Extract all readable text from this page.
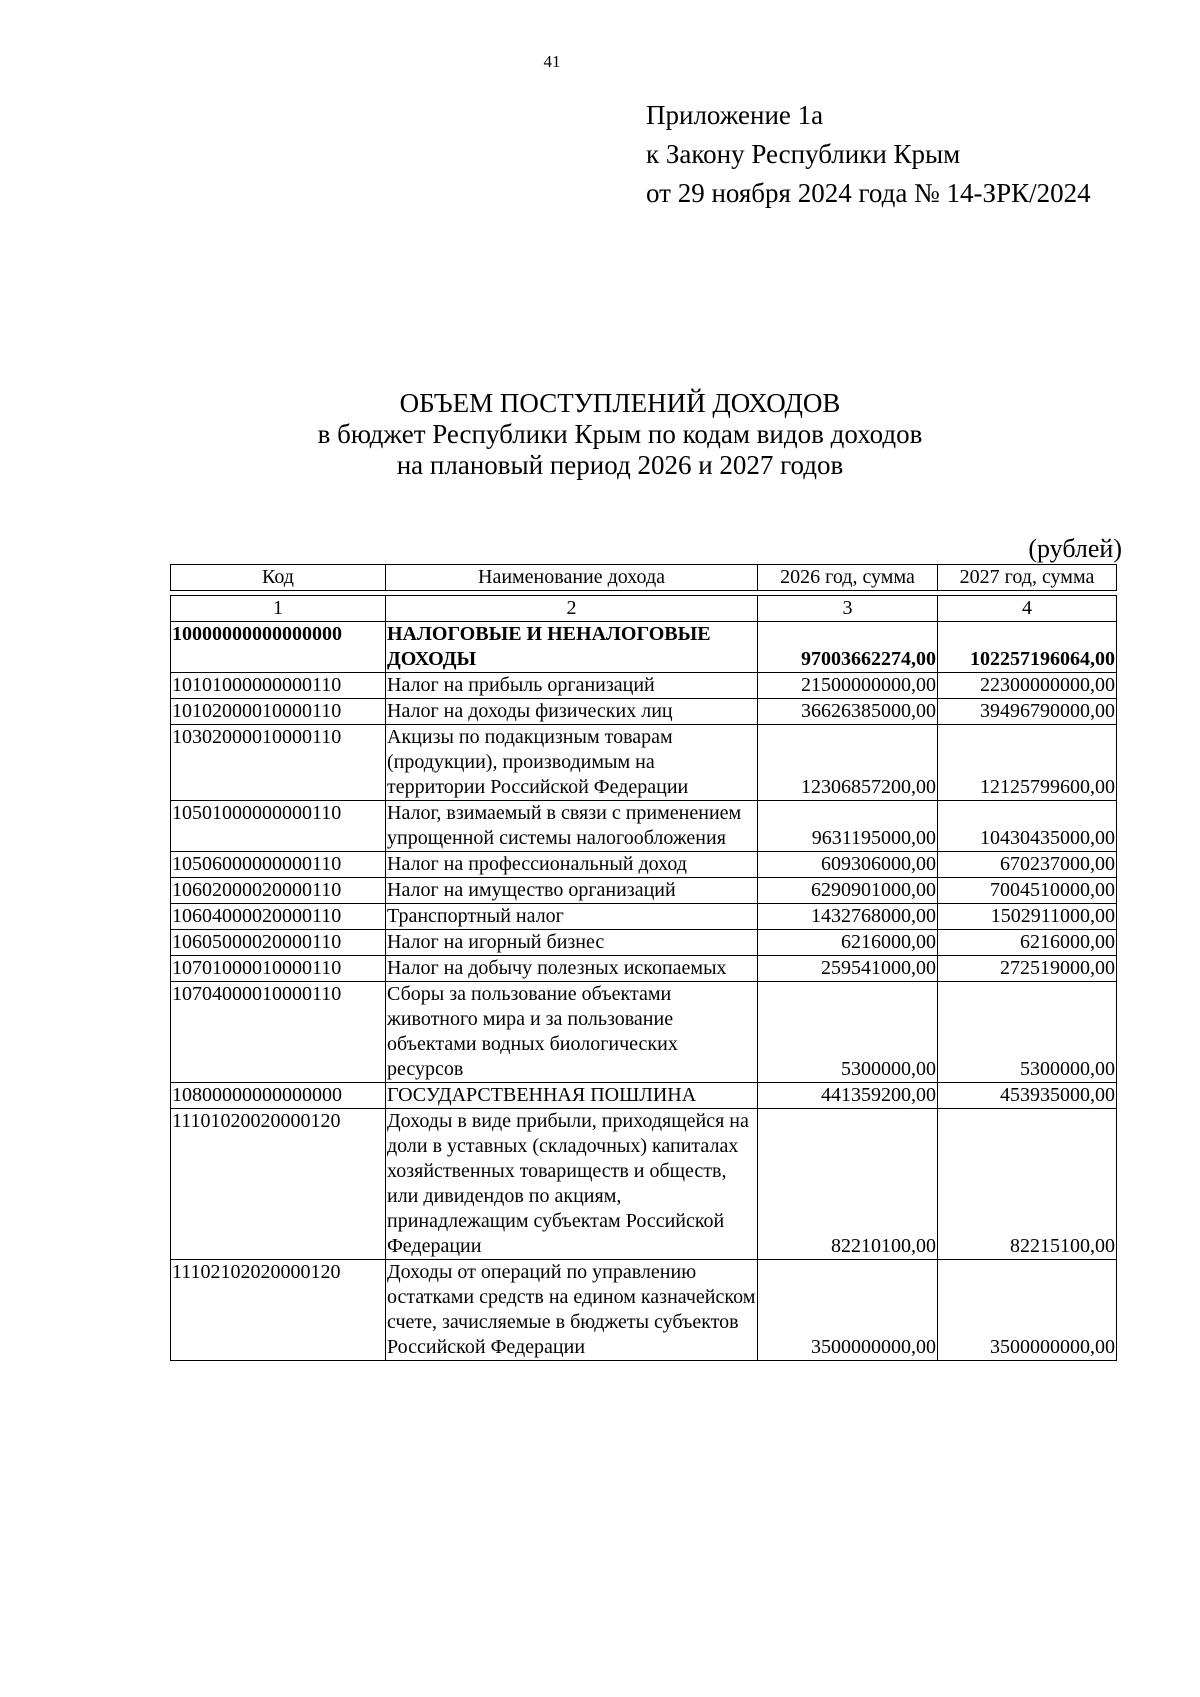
41
Приложение 1а
к Закону Республики Крым
от 29 ноября 2024 года № 14-ЗРК/2024
ОБЪЕМ ПОСТУПЛЕНИЙ ДОХОДОВ
в бюджет Республики Крым по кодам видов доходов
на плановый период 2026 и 2027 годов
(рублей)
Код	Наименование дохода	2026 год, сумма	2027 год, сумма

1	2	3	4
10000000000000000	НАЛОГОВЫЕ И НЕНАЛОГОВЫЕ ДОХОДЫ	97003662274,00	102257196064,00
10101000000000110	Налог на прибыль организаций	21500000000,00	22300000000,00
10102000010000110	Налог на доходы физических лиц	36626385000,00	39496790000,00
10302000010000110	Акцизы по подакцизным товарам (продукции), производимым на территории Российской Федерации	12306857200,00	12125799600,00
10501000000000110	Налог, взимаемый в связи с применением упрощенной системы налогообложения	9631195000,00	10430435000,00
10506000000000110	Налог на профессиональный доход	609306000,00	670237000,00
10602000020000110	Налог на имущество организаций	6290901000,00	7004510000,00
10604000020000110	Транспортный налог	1432768000,00	1502911000,00
10605000020000110	Налог на игорный бизнес	6216000,00	6216000,00
10701000010000110	Налог на добычу полезных ископаемых	259541000,00	272519000,00
10704000010000110	Сборы за пользование объектами животного мира и за пользование объектами водных биологических ресурсов	5300000,00	5300000,00
10800000000000000	ГОСУДАРСТВЕННАЯ ПОШЛИНА	441359200,00	453935000,00
11101020020000120	Доходы в виде прибыли, приходящейся на доли в уставных (складочных) капиталах хозяйственных товариществ и обществ, или дивидендов по акциям, принадлежащим субъектам Российской Федерации	82210100,00	82215100,00
11102102020000120	Доходы от операций по управлению остатками средств на едином казначейском счете, зачисляемые в бюджеты субъектов Российской Федерации	3500000000,00	3500000000,00
